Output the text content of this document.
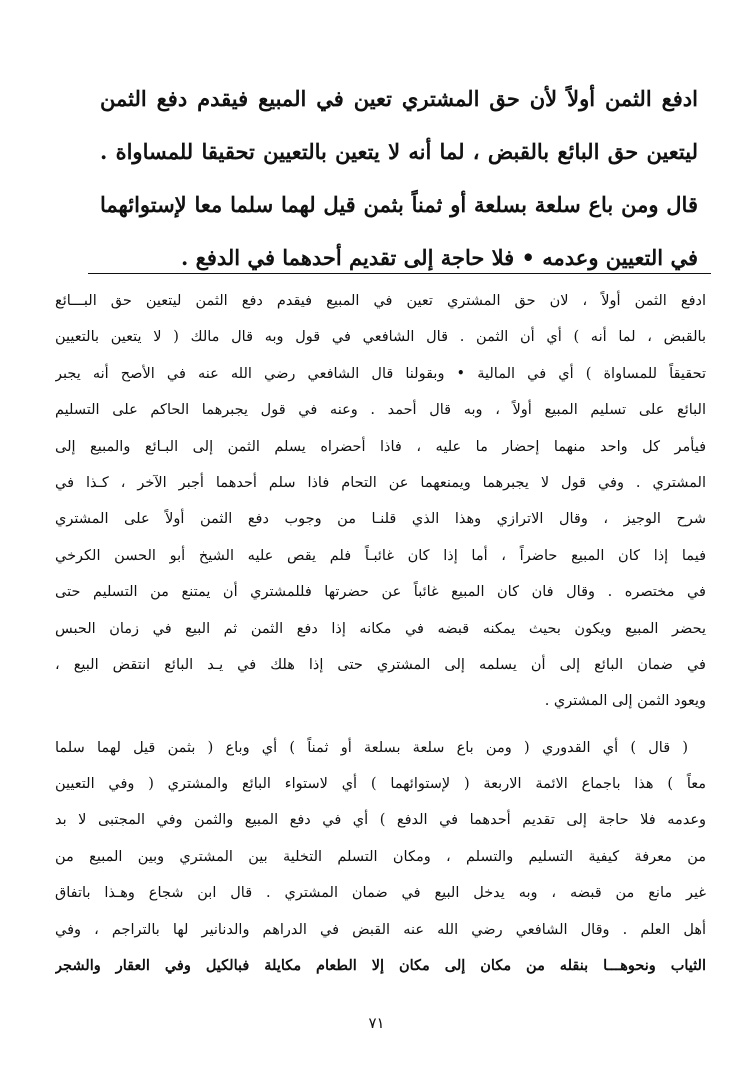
ادفع الثمن أولاً لأن حق المشتري تعين في المبيع فيقدم دفع الثمن
ليتعين حق البائع بالقبض ، لما أنه لا يتعين بالتعيين تحقيقا للمساواة .
قال ومن باع سلعة بسلعة أو ثمناً بثمن قيل لهما سلما معا لإستوائهما
في التعيين وعدمه • فلا حاجة إلى تقديم أحدهما في الدفع .
ادفع الثمن أولاً ، لان حق المشتري تعين في المبيع فيقدم دفع الثمن ليتعين حق البـــائع
بالقبض ، لما أنه ) أي أن الثمن . قال الشافعي في قول وبه قال مالك ( لا يتعين بالتعيين
تحقيقاً للمساواة ) أي في المالية • وبقولنا قال الشافعي رضي الله عنه في الأصح أنه يجبر
البائع على تسليم المبيع أولاً ، وبه قال أحمد . وعنه في قول يجبرهما الحاكم على التسليم
فيأمر كل واحد منهما إحضار ما عليه ، فاذا أحضراه يسلم الثمن إلى البـائع والمبيع إلى
المشتري . وفي قول لا يجبرهما ويمنعهما عن التحام فاذا سلم أحدهما أجبر الآخر ، كـذا في
شرح الوجيز ، وقال الاترازي وهذا الذي قلنـا من وجوب دفع الثمن أولاً على المشتري
فيما إذا كان المبيع حاضراً ، أما إذا كان غائبـاً فلم يقص عليه الشيخ أبو الحسن الكرخي
في مختصره . وقال فان كان المبيع غائباً عن حضرتها فللمشتري أن يمتنع من التسليم حتى
يحضر المبيع ويكون بحيث يمكنه قبضه في مكانه إذا دفع الثمن ثم البيع في زمان الحبس
في ضمان البائع إلى أن يسلمه إلى المشتري حتى إذا هلك في يـد البائع انتقض البيع ،
ويعود الثمن إلى المشتري .
( قال ) أي القدوري ( ومن باع سلعة بسلعة أو ثمناً ) أي وباع ( بثمن قيل لهما سلما
معاً ) هذا باجماع الائمة الاربعة ( لإستوائهما ) أي لاستواء البائع والمشتري ( وفي التعيين
وعدمه فلا حاجة إلى تقديم أحدهما في الدفع ) أي في دفع المبيع والثمن وفي المجتبى لا بد
من معرفة كيفية التسليم والتسلم ، ومكان التسلم التخلية بين المشتري وبين المبيع من
غير مانع من قبضه ، وبه يدخل البيع في ضمان المشتري . قال ابن شجاع وهـذا باتفاق
أهل العلم . وقال الشافعي رضي الله عنه القبض في الدراهم والدنانير لها بالتراجم ، وفي
الثياب ونحوهـــا بنقله من مكان إلى مكان إلا الطعام مكايلة فبالكيل وفي العقار والشجر
٧١
